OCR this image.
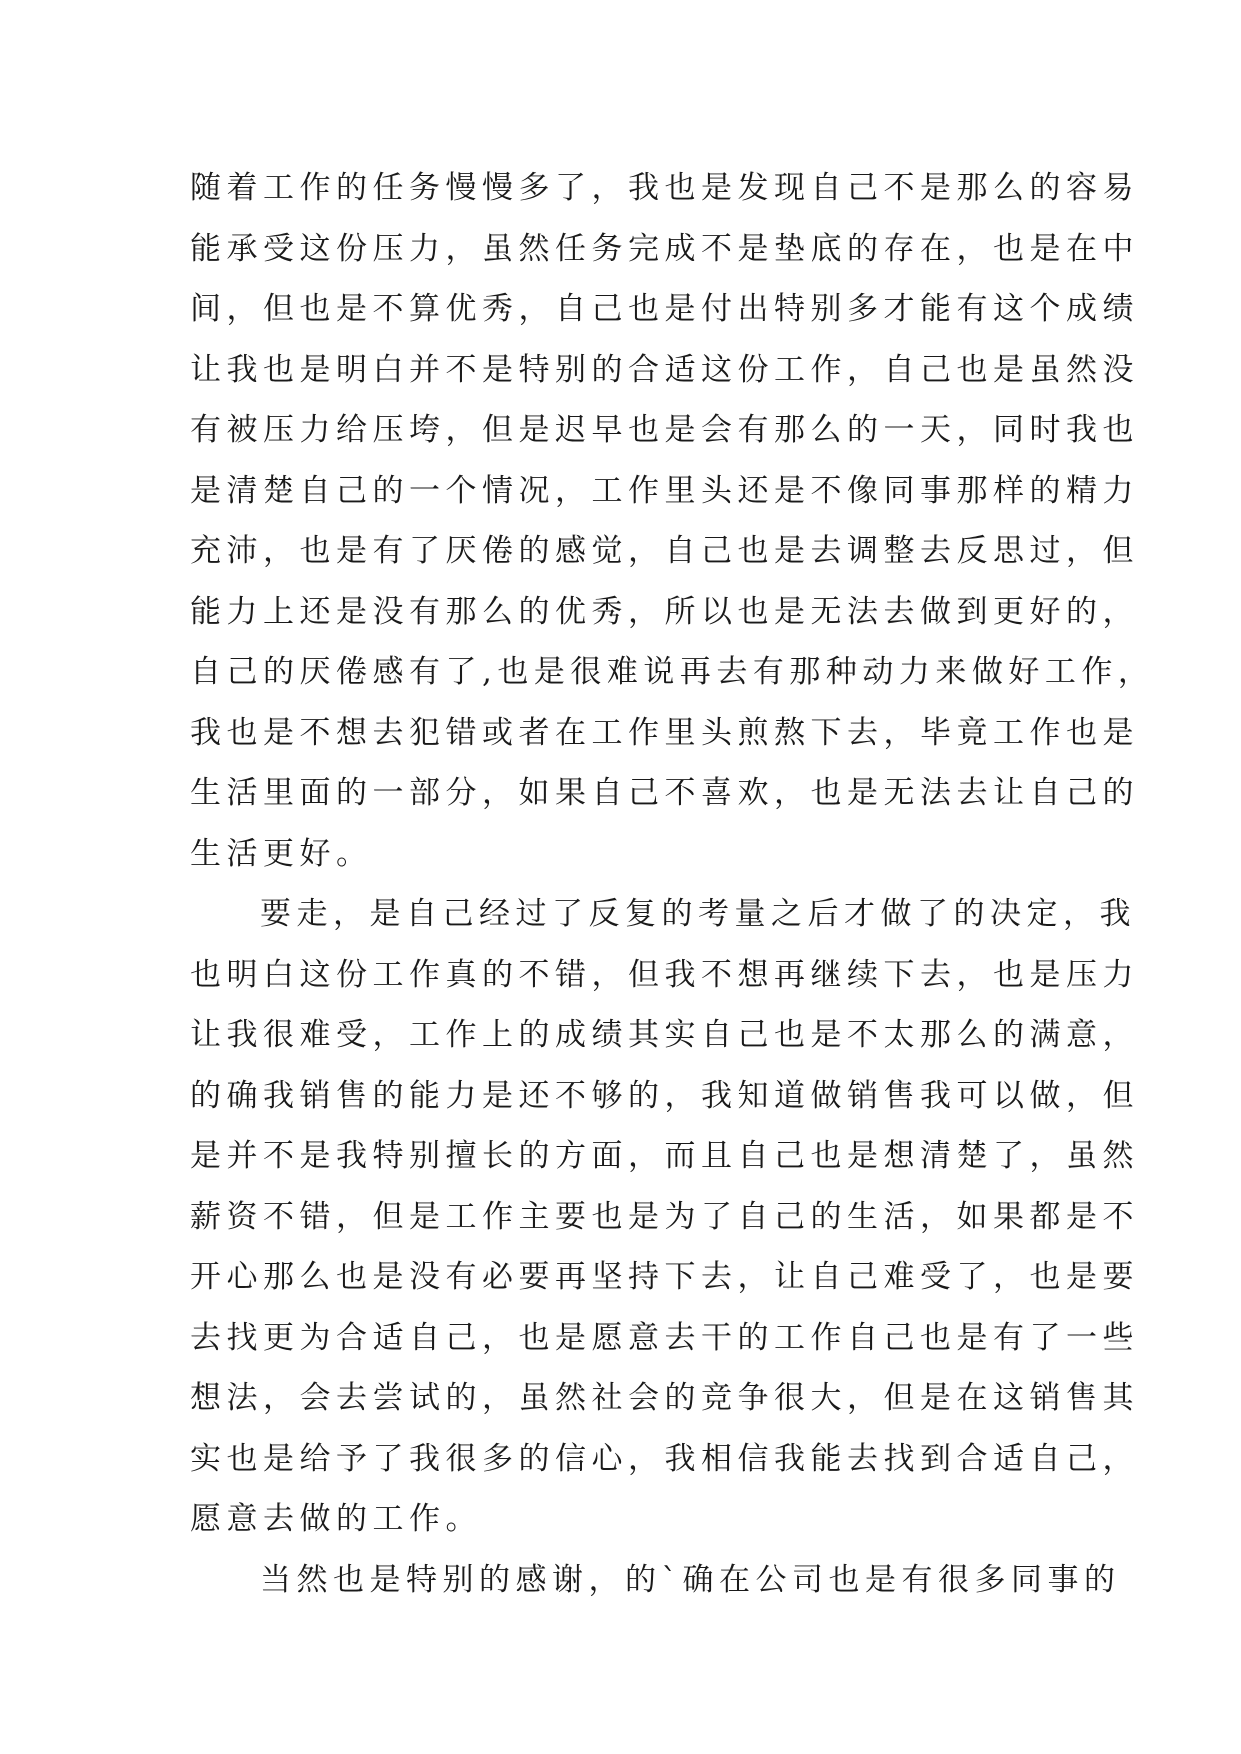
随着工作的任务慢慢多了，我也是发现自己不是那么的容易
能承受这份压力，虽然任务完成不是垫底的存在，也是在中
间，但也是不算优秀，自己也是付出特别多才能有这个成绩
让我也是明白并不是特别的合适这份工作，自己也是虽然没
有被压力给压垮，但是迟早也是会有那么的一天，同时我也
是清楚自己的一个情况，工作里头还是不像同事那样的精力
充沛，也是有了厌倦的感觉，自己也是去调整去反思过，但
能力上还是没有那么的优秀，所以也是无法去做到更好的，
自己的厌倦感有了,也是很难说再去有那种动力来做好工作，
我也是不想去犯错或者在工作里头煎熬下去，毕竟工作也是
生活里面的一部分，如果自己不喜欢，也是无法去让自己的
生活更好。
要走，是自己经过了反复的考量之后才做了的决定，我
也明白这份工作真的不错，但我不想再继续下去，也是压力
让我很难受，工作上的成绩其实自己也是不太那么的满意，
的确我销售的能力是还不够的，我知道做销售我可以做，但
是并不是我特别擅长的方面，而且自己也是想清楚了，虽然
薪资不错，但是工作主要也是为了自己的生活，如果都是不
开心那么也是没有必要再坚持下去，让自己难受了，也是要
去找更为合适自己，也是愿意去干的工作自己也是有了一些
想法，会去尝试的，虽然社会的竞争很大，但是在这销售其
实也是给予了我很多的信心，我相信我能去找到合适自己，
愿意去做的工作。
当然也是特别的感谢，的`确在公司也是有很多同事的
